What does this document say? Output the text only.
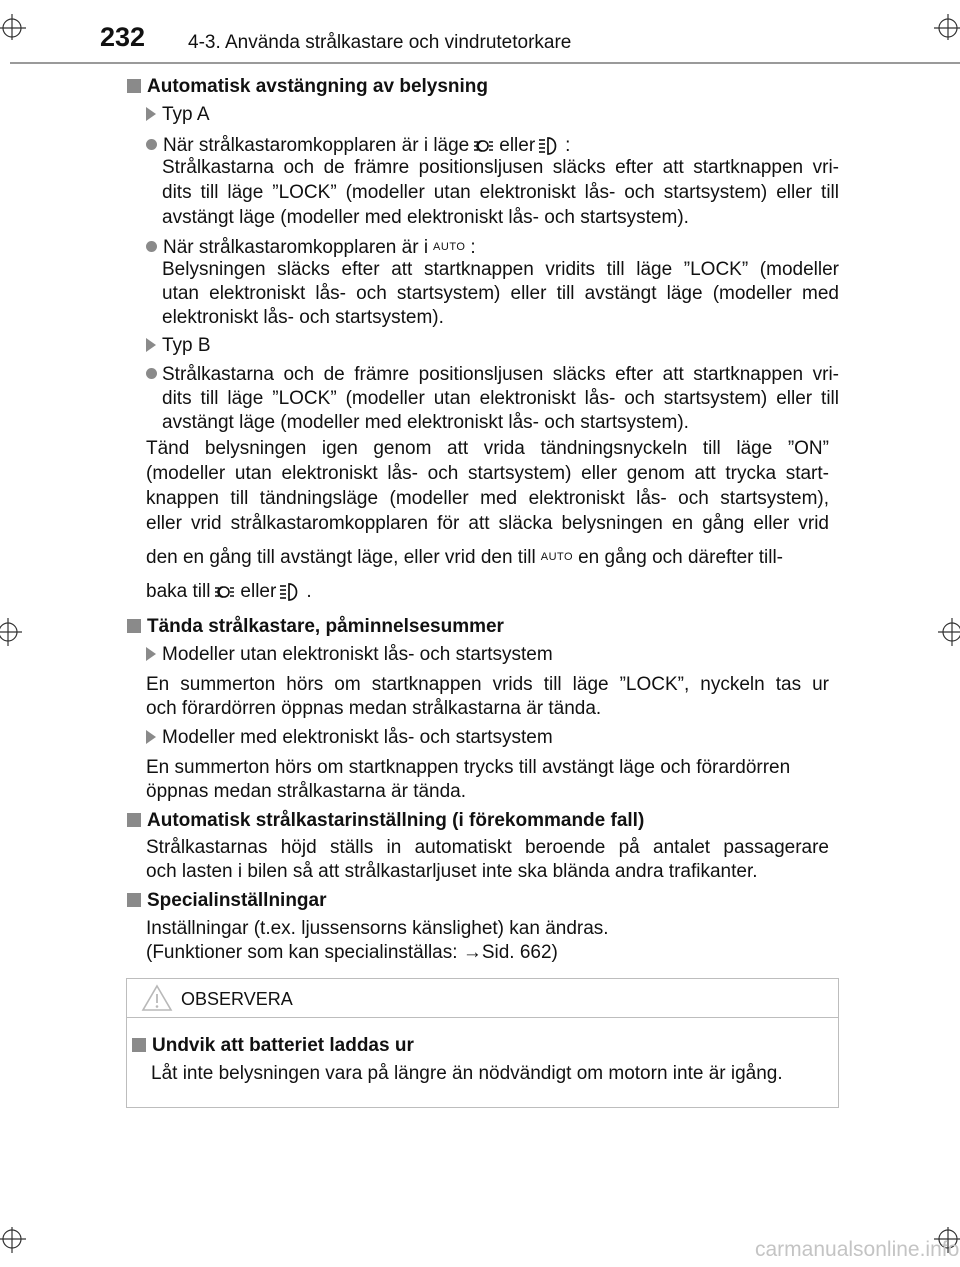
232 4-3. Använda strålkastare och vindrutetorkare
Automatisk avstängning av belysning
Typ A
När strålkastaromkopplaren är i läge eller :
Strålkastarna och de främre positionsljusen släcks efter att startknappen vri-
dits till läge ”LOCK” (modeller utan elektroniskt lås- och startsystem) eller till
avstängt läge (modeller med elektroniskt lås- och startsystem).
När strålkastaromkopplaren är i AUTO :
Belysningen släcks efter att startknappen vridits till läge ”LOCK” (modeller
utan elektroniskt lås- och startsystem) eller till avstängt läge (modeller med
elektroniskt lås- och startsystem).
Typ B
Strålkastarna och de främre positionsljusen släcks efter att startknappen vri-
dits till läge ”LOCK” (modeller utan elektroniskt lås- och startsystem) eller till
avstängt läge (modeller med elektroniskt lås- och startsystem).
Tänd belysningen igen genom att vrida tändningsnyckeln till läge ”ON”
(modeller utan elektroniskt lås- och startsystem) eller genom att trycka start-
knappen till tändningsläge (modeller med elektroniskt lås- och startsystem),
eller vrid strålkastaromkopplaren för att släcka belysningen en gång eller vrid
den en gång till avstängt läge, eller vrid den till AUTO en gång och därefter till-
baka till eller .
Tända strålkastare, påminnelsesummer
Modeller utan elektroniskt lås- och startsystem
En summerton hörs om startknappen vrids till läge ”LOCK”, nyckeln tas ur
och förardörren öppnas medan strålkastarna är tända.
Modeller med elektroniskt lås- och startsystem
En summerton hörs om startknappen trycks till avstängt läge och förardörren
öppnas medan strålkastarna är tända.
Automatisk strålkastarinställning (i förekommande fall)
Strålkastarnas höjd ställs in automatiskt beroende på antalet passagerare
och lasten i bilen så att strålkastarljuset inte ska blända andra trafikanter.
Specialinställningar
Inställningar (t.ex. ljussensorns känslighet) kan ändras.
(Funktioner som kan specialinställas: →Sid. 662)
OBSERVERA
Undvik att batteriet laddas ur
Låt inte belysningen vara på längre än nödvändigt om motorn inte är igång.
carmanualsonline.info
